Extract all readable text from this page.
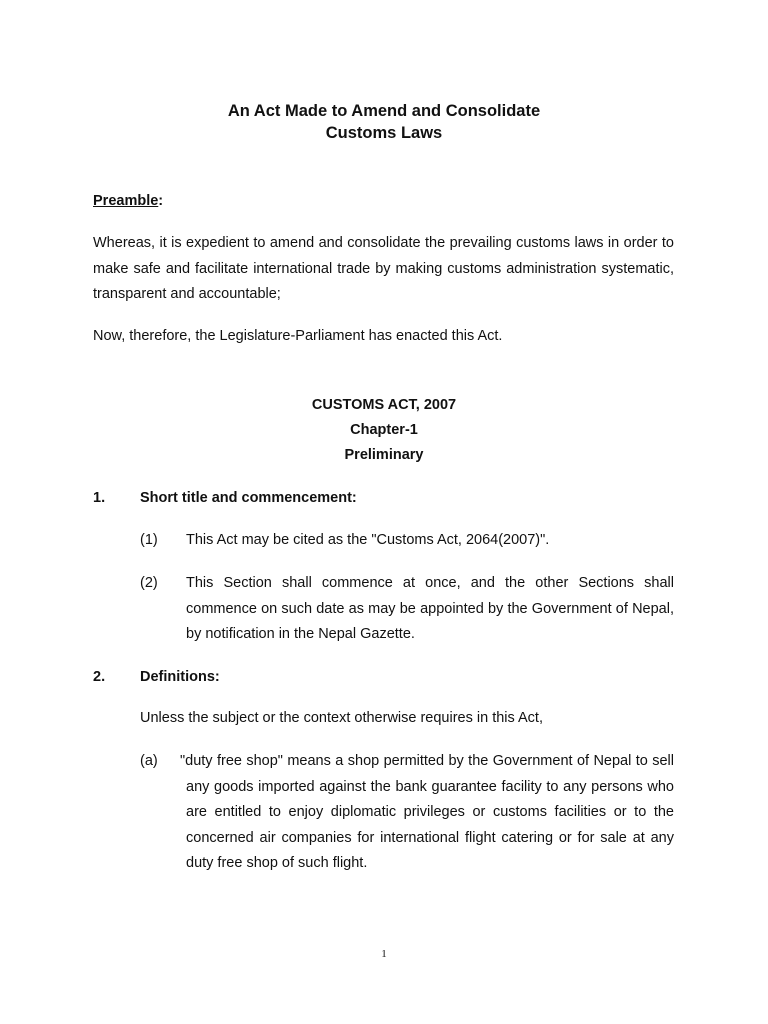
An Act Made to Amend and Consolidate
Customs Laws
Preamble:
Whereas, it is expedient to amend and consolidate the prevailing customs laws in order to make safe and facilitate international trade by making customs administration systematic, transparent and accountable;
Now, therefore, the Legislature-Parliament has enacted this Act.
CUSTOMS ACT, 2007
Chapter-1
Preliminary
1. Short title and commencement:
(1) This Act may be cited as the "Customs Act, 2064(2007)".
(2) This Section shall commence at once, and the other Sections shall commence on such date as may be appointed by the Government of Nepal, by notification in the Nepal Gazette.
2. Definitions:
Unless the subject or the context otherwise requires in this Act,
(a) "duty free shop" means a shop permitted by the Government of Nepal to sell any goods imported against the bank guarantee facility to any persons who are entitled to enjoy diplomatic privileges or customs facilities or to the concerned air companies for international flight catering or for sale at any duty free shop of such flight.
1
